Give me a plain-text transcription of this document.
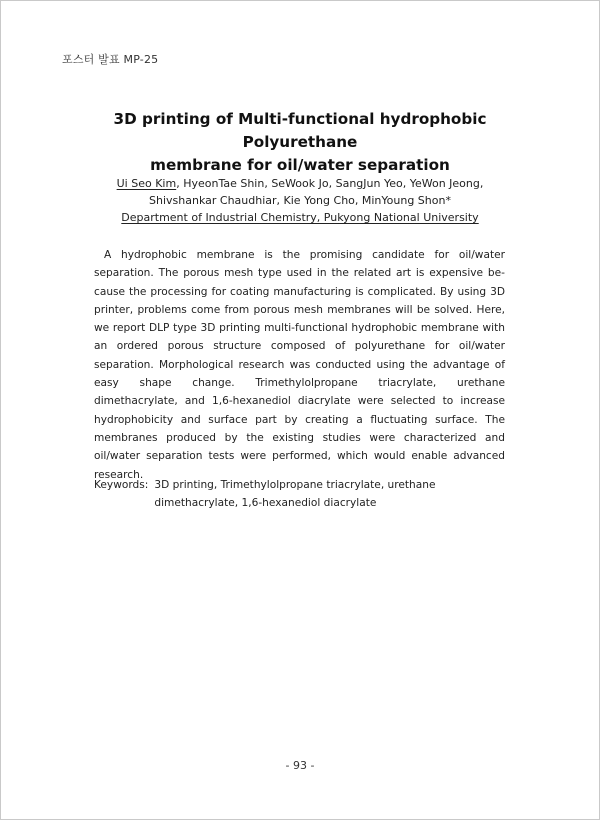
포스터 발표 MP-25
3D printing of Multi-functional hydrophobic Polyurethane
membrane for oil/water separation
Ui Seo Kim, HyeonTae Shin, SeWook Jo, SangJun Yeo, YeWon Jeong,
Shivshankar Chaudhiar, Kie Yong Cho, MinYoung Shon*
Department of Industrial Chemistry, Pukyong National University

A hydrophobic membrane is the promising candidate for oil/water separation. The porous mesh type used in the related art is expensive be-cause the processing for coating manufacturing is complicated. By using 3D printer, problems come from porous mesh membranes will be solved. Here, we report DLP type 3D printing multi-functional hydrophobic membrane with an ordered porous structure composed of polyurethane for oil/water separation. Morphological research was conducted using the advantage of easy shape change. Trimethylolpropane triacrylate, urethane dimethacrylate, and 1,6-hexanediol diacrylate were selected to increase hydrophobicity and surface part by creating a fluctuating surface. The membranes produced by the existing studies were characterized and oil/water separation tests were performed, which would enable advanced research.

Keywords: 3D printing, Trimethylolpropane triacrylate, urethane dimethacrylate, 1,6-hexanediol diacrylate
- 93 -
